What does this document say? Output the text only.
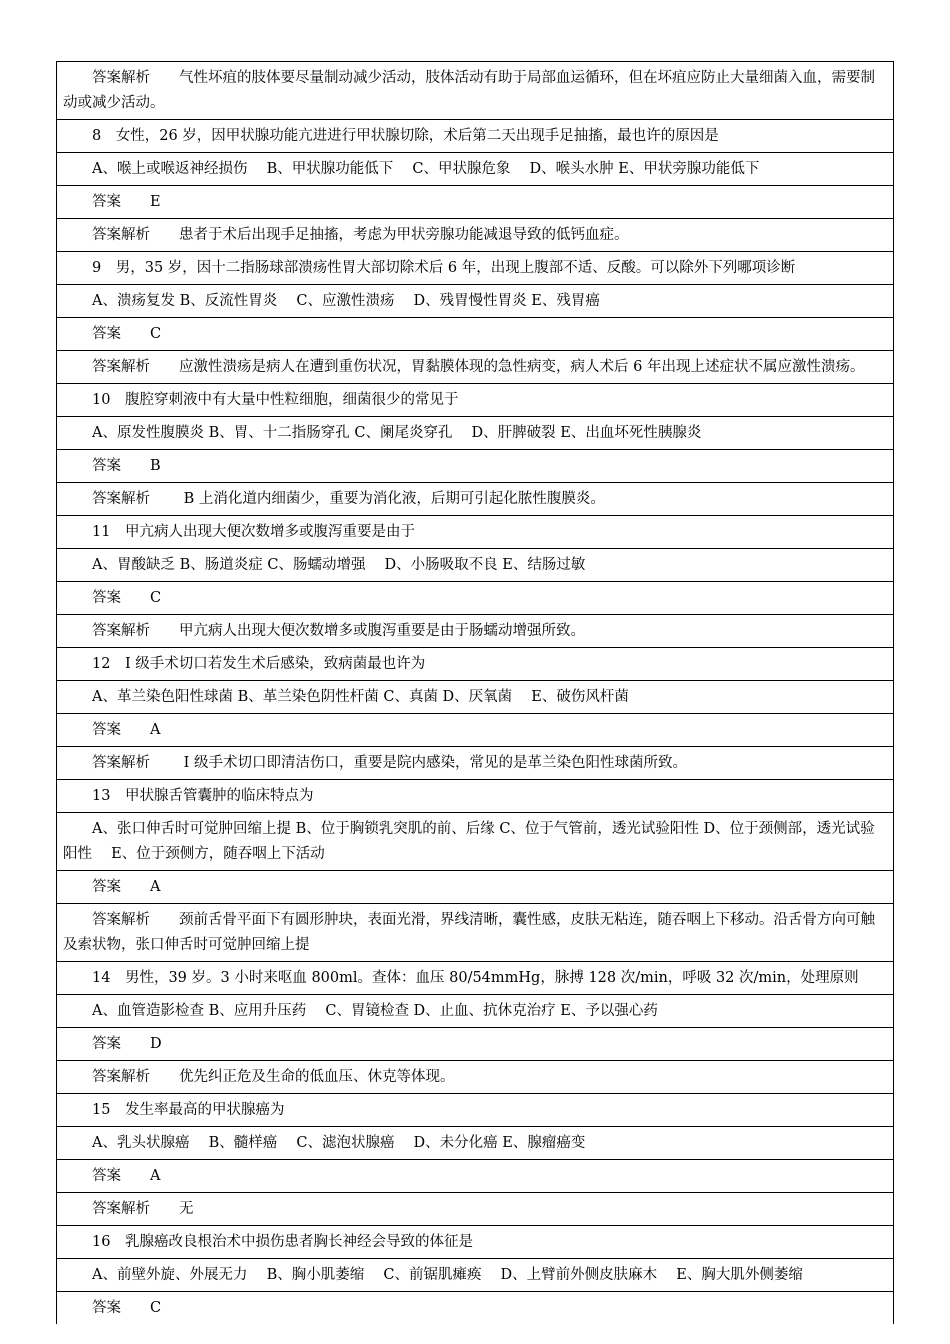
答案解析　　气性坏疽的肢体要尽量制动减少活动，肢体活动有助于局部血运循环，但在坏疽应防止大量细菌入血，需要制动或减少活动。
8　女性，26 岁，因甲状腺功能亢进进行甲状腺切除，术后第二天出现手足抽搐，最也许的原因是
A、喉上或喉返神经损伤　 B、甲状腺功能低下　 C、甲状腺危象　 D、喉头水肿 E、甲状旁腺功能低下
答案　　E
答案解析　　患者于术后出现手足抽搐，考虑为甲状旁腺功能减退导致的低钙血症。
9　男，35 岁，因十二指肠球部溃疡性胃大部切除术后 6 年，出现上腹部不适、反酸。可以除外下列哪项诊断
A、溃疡复发 B、反流性胃炎　 C、应激性溃疡　 D、残胃慢性胃炎 E、残胃癌
答案　　C
答案解析　　应激性溃疡是病人在遭到重伤状况，胃黏膜体现的急性病变，病人术后 6 年出现上述症状不属应激性溃疡。
10　腹腔穿刺液中有大量中性粒细胞，细菌很少的常见于
A、原发性腹膜炎 B、胃、十二指肠穿孔 C、阑尾炎穿孔　 D、肝脾破裂 E、出血坏死性胰腺炎
答案　　B
答案解析　　 B 上消化道内细菌少，重要为消化液，后期可引起化脓性腹膜炎。
11　甲亢病人出现大便次数增多或腹泻重要是由于
A、胃酸缺乏 B、肠道炎症 C、肠蠕动增强　 D、小肠吸取不良 E、结肠过敏
答案　　C
答案解析　　甲亢病人出现大便次数增多或腹泻重要是由于肠蠕动增强所致。
12　Ⅰ 级手术切口若发生术后感染，致病菌最也许为
A、革兰染色阳性球菌 B、革兰染色阴性杆菌 C、真菌 D、厌氧菌　 E、破伤风杆菌
答案　　A
答案解析　　 Ⅰ 级手术切口即清洁伤口，重要是院内感染，常见的是革兰染色阳性球菌所致。
13　甲状腺舌管囊肿的临床特点为
A、张口伸舌时可觉肿回缩上提 B、位于胸锁乳突肌的前、后缘 C、位于气管前，透光试验阳性 D、位于颈侧部，透光试验阳性　 E、位于颈侧方，随吞咽上下活动
答案　　A
答案解析　　颈前舌骨平面下有圆形肿块，表面光滑，界线清晰，囊性感，皮肤无粘连，随吞咽上下移动。沿舌骨方向可触及索状物，张口伸舌时可觉肿回缩上提
14　男性，39 岁。3 小时来呕血 800ml。查体：血压 80/54mmHg，脉搏 128 次/min，呼吸 32 次/min，处理原则
A、血管造影检查 B、应用升压药　 C、胃镜检查 D、止血、抗休克治疗 E、予以强心药
答案　　D
答案解析　　优先纠正危及生命的低血压、休克等体现。
15　发生率最高的甲状腺癌为
A、乳头状腺癌　 B、髓样癌　 C、滤泡状腺癌　 D、未分化癌 E、腺瘤癌变
答案　　A
答案解析　　无
16　乳腺癌改良根治术中损伤患者胸长神经会导致的体征是
A、前壁外旋、外展无力　 B、胸小肌萎缩　 C、前锯肌瘫痪　 D、上臂前外侧皮肤麻木　 E、胸大肌外侧萎缩
答案　　C
